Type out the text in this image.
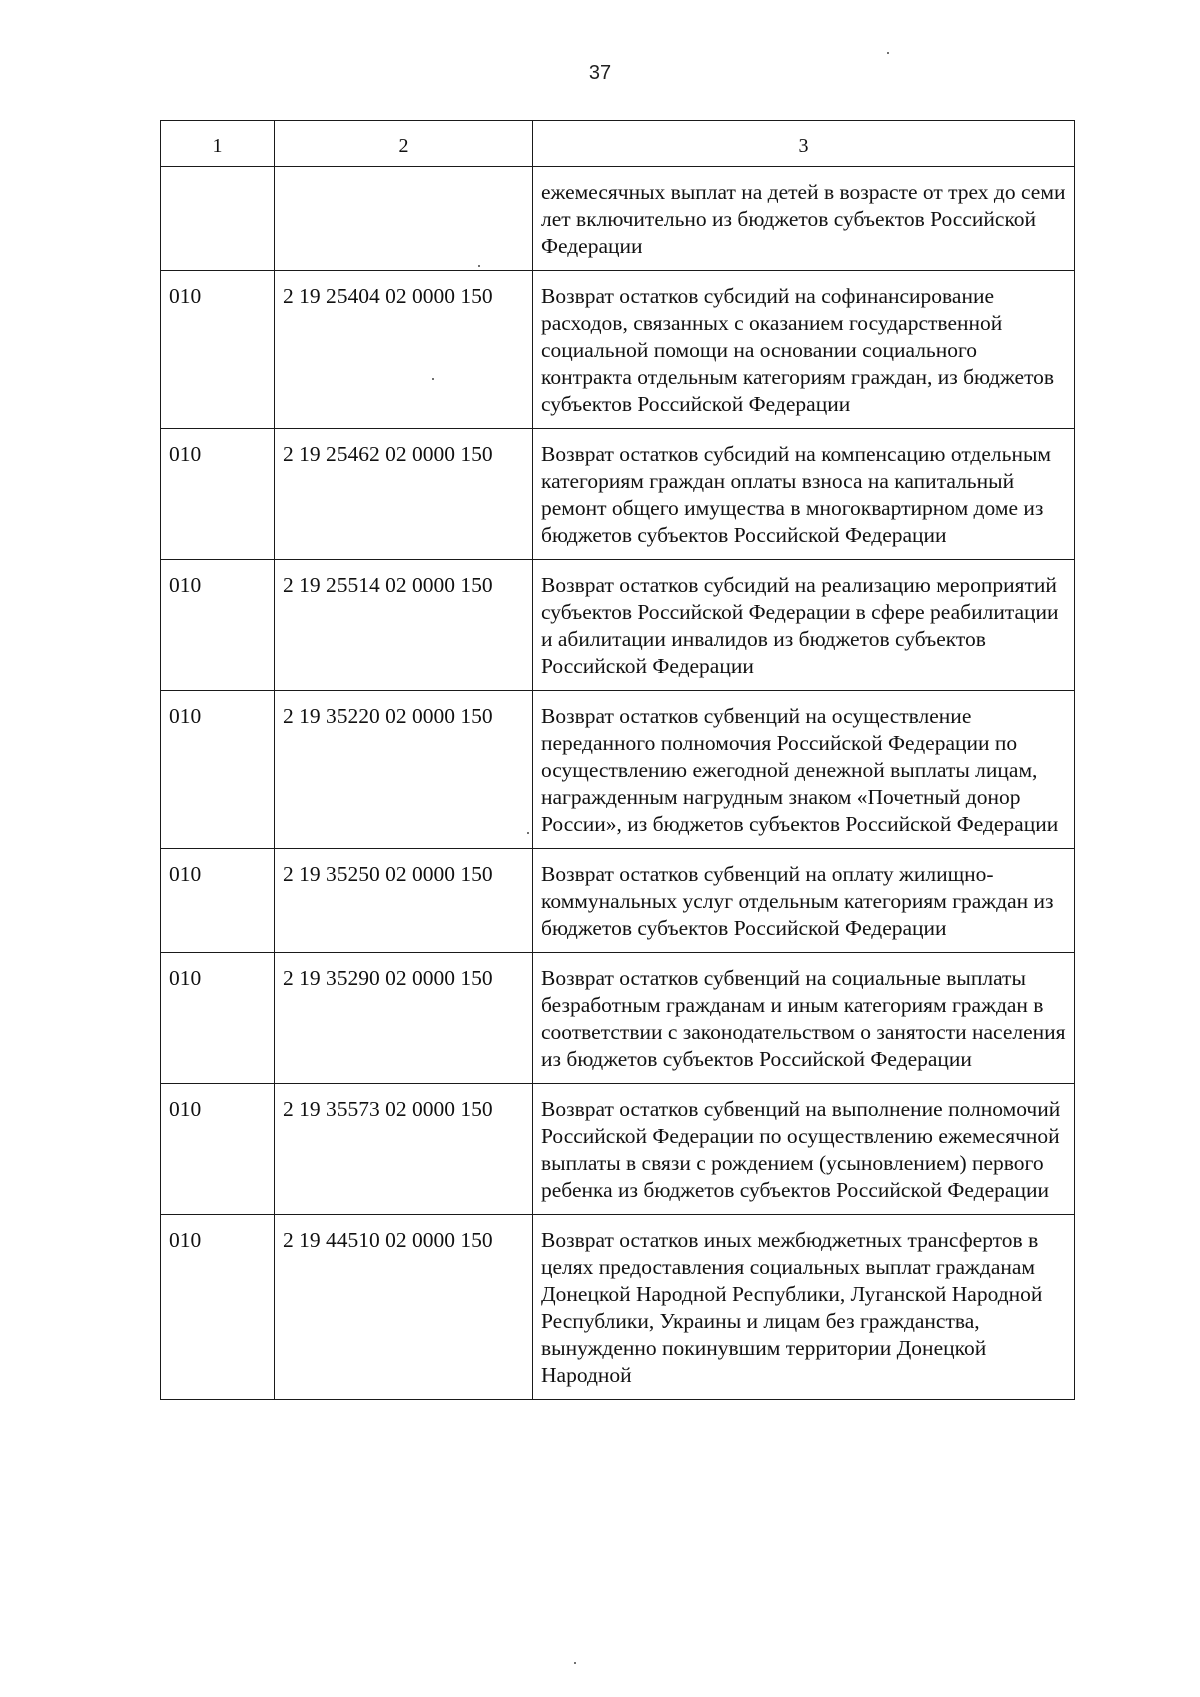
37
1	2	3
		ежемесячных выплат на детей в возрасте от трех до семи лет включительно из бюджетов субъектов Российской Федерации
010	2 19 25404 02 0000 150	Возврат остатков субсидий на софинансирование расходов, связанных с оказанием государственной социальной помощи на основании социального контракта отдельным категориям граждан, из бюджетов субъектов Российской Федерации
010	2 19 25462 02 0000 150	Возврат остатков субсидий на компенсацию отдельным категориям граждан оплаты взноса на капитальный ремонт общего имущества в многоквартирном доме из бюджетов субъектов Российской Федерации
010	2 19 25514 02 0000 150	Возврат остатков субсидий на реализацию мероприятий субъектов Российской Федерации в сфере реабилитации и абилитации инвалидов из бюджетов субъектов Российской Федерации
010	2 19 35220 02 0000 150	Возврат остатков субвенций на осуществление переданного полномочия Российской Федерации по осуществлению ежегодной денежной выплаты лицам, награжденным нагрудным знаком «Почетный донор России», из бюджетов субъектов Российской Федерации
010	2 19 35250 02 0000 150	Возврат остатков субвенций на оплату жилищно-коммунальных услуг отдельным категориям граждан из бюджетов субъектов Российской Федерации
010	2 19 35290 02 0000 150	Возврат остатков субвенций на социальные выплаты безработным гражданам и иным категориям граждан в соответствии с законодательством о занятости населения из бюджетов субъектов Российской Федерации
010	2 19 35573 02 0000 150	Возврат остатков субвенций на выполнение полномочий Российской Федерации по осуществлению ежемесячной выплаты в связи с рождением (усыновлением) первого ребенка из бюджетов субъектов Российской Федерации
010	2 19 44510 02 0000 150	Возврат остатков иных межбюджетных трансфертов в целях предоставления социальных выплат гражданам Донецкой Народной Республики, Луганской Народной Республики, Украины и лицам без гражданства, вынужденно покинувшим территории Донецкой Народной
